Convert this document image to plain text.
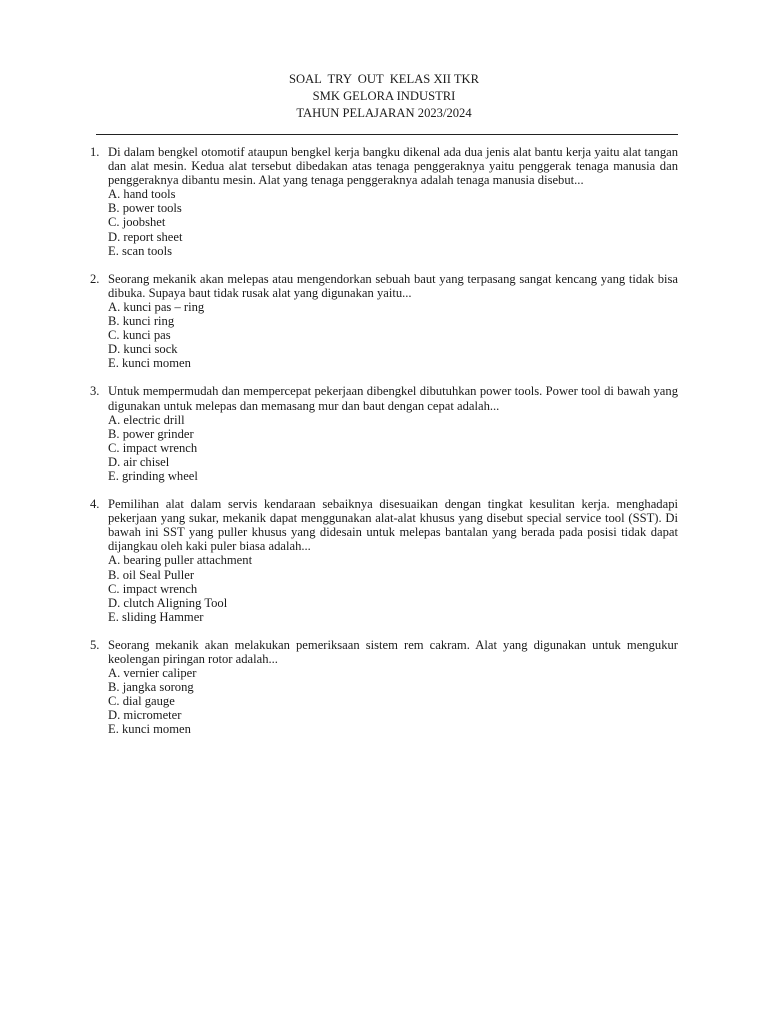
SOAL  TRY  OUT  KELAS XII TKR
SMK GELORA INDUSTRI
TAHUN PELAJARAN 2023/2024
1. Di dalam bengkel otomotif ataupun bengkel kerja bangku dikenal ada dua jenis alat bantu kerja yaitu alat tangan dan alat mesin. Kedua alat tersebut dibedakan atas tenaga penggeraknya yaitu penggerak tenaga manusia dan penggeraknya dibantu mesin. Alat yang tenaga penggeraknya adalah tenaga manusia disebut...
A. hand tools
B. power tools
C. joobshet
D. report sheet
E. scan tools
2. Seorang mekanik akan melepas atau mengendorkan sebuah baut yang terpasang sangat kencang yang tidak bisa dibuka. Supaya baut tidak rusak alat yang digunakan yaitu...
A. kunci pas – ring
B. kunci ring
C. kunci pas
D. kunci sock
E. kunci momen
3. Untuk mempermudah dan mempercepat pekerjaan dibengkel dibutuhkan power tools. Power tool di bawah yang digunakan untuk melepas dan memasang mur dan baut dengan cepat adalah...
A. electric drill
B. power grinder
C. impact wrench
D. air chisel
E. grinding wheel
4. Pemilihan alat dalam servis kendaraan sebaiknya disesuaikan dengan tingkat kesulitan kerja. menghadapi pekerjaan yang sukar, mekanik dapat menggunakan alat-alat khusus yang disebut special service tool (SST). Di bawah ini SST yang puller khusus yang didesain untuk melepas bantalan yang berada pada posisi tidak dapat dijangkau oleh kaki puler biasa adalah...
A. bearing puller attachment
B. oil Seal Puller
C. impact wrench
D. clutch Aligning Tool
E. sliding Hammer
5. Seorang mekanik akan melakukan pemeriksaan sistem rem cakram. Alat yang digunakan untuk mengukur keolengan piringan rotor adalah...
A. vernier caliper
B. jangka sorong
C. dial gauge
D. micrometer
E. kunci momen
